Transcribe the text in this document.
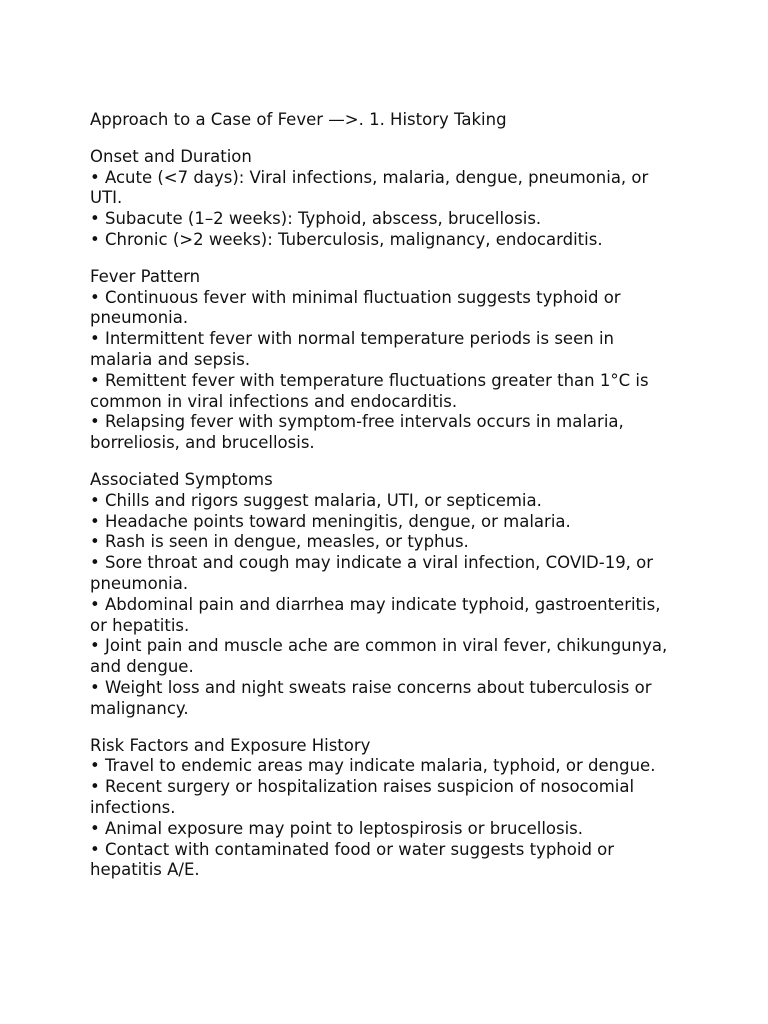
Approach to a Case of Fever —>. 1. History Taking

Onset and Duration

• Acute (<7 days): Viral infections, malaria, dengue, pneumonia, or UTI.

• Subacute (1–2 weeks): Typhoid, abscess, brucellosis.

• Chronic (>2 weeks): Tuberculosis, malignancy, endocarditis.

Fever Pattern

• Continuous fever with minimal fluctuation suggests typhoid or pneumonia.

• Intermittent fever with normal temperature periods is seen in malaria and sepsis.

• Remittent fever with temperature fluctuations greater than 1°C is common in viral infections and endocarditis.

• Relapsing fever with symptom-free intervals occurs in malaria, borreliosis, and brucellosis.

Associated Symptoms

• Chills and rigors suggest malaria, UTI, or septicemia.

• Headache points toward meningitis, dengue, or malaria.

• Rash is seen in dengue, measles, or typhus.

• Sore throat and cough may indicate a viral infection, COVID-19, or pneumonia.

• Abdominal pain and diarrhea may indicate typhoid, gastroenteritis, or hepatitis.

• Joint pain and muscle ache are common in viral fever, chikungunya, and dengue.

• Weight loss and night sweats raise concerns about tuberculosis or malignancy.

Risk Factors and Exposure History

• Travel to endemic areas may indicate malaria, typhoid, or dengue.

• Recent surgery or hospitalization raises suspicion of nosocomial infections.

• Animal exposure may point to leptospirosis or brucellosis.

• Contact with contaminated food or water suggests typhoid or hepatitis A/E.
